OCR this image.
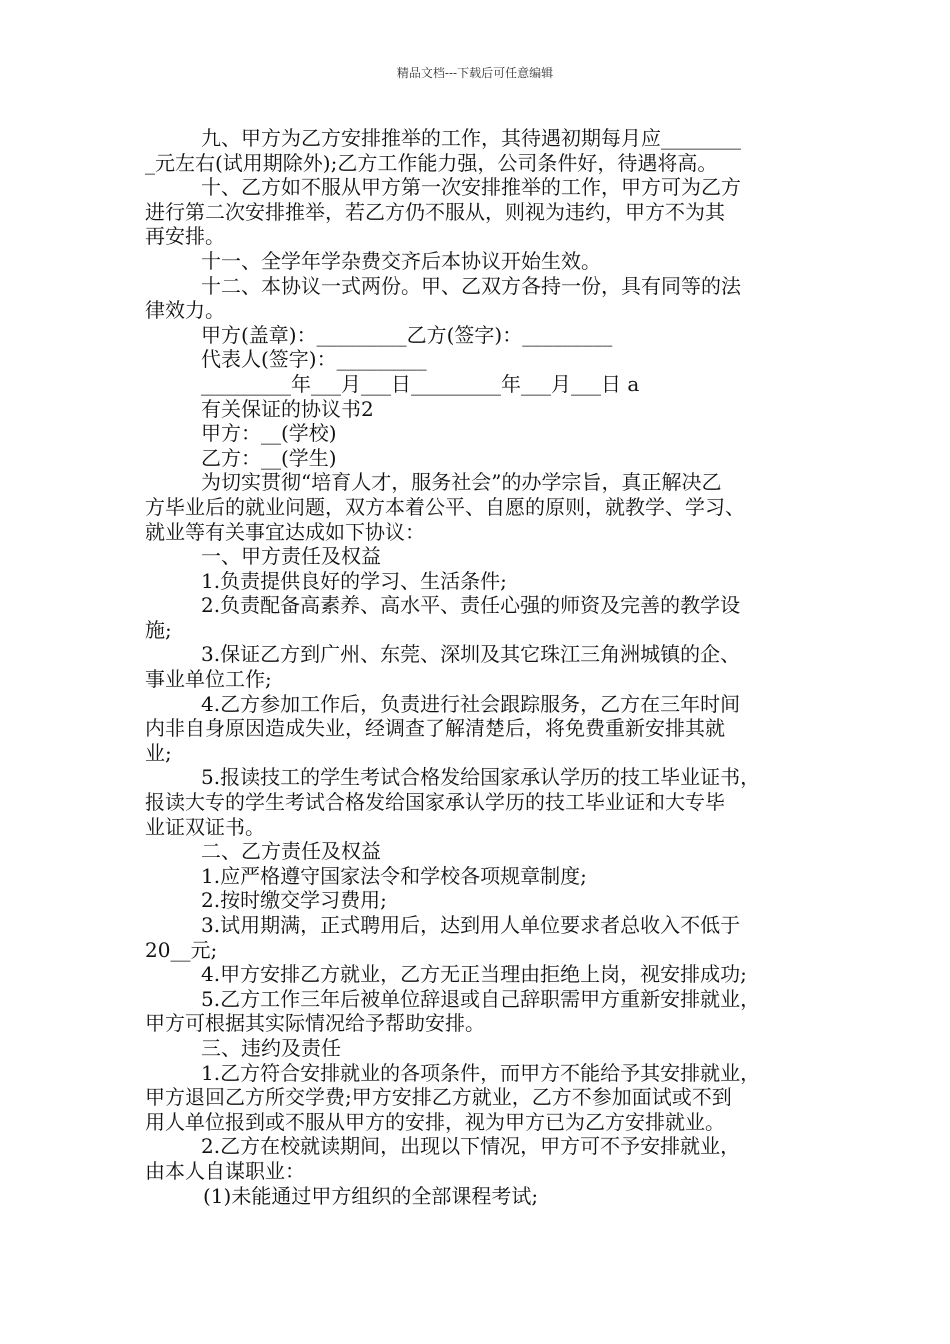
精品文档---下载后可任意编辑
九、甲方为乙方安排推举的工作，其待遇初期每月应________
_元左右(试用期除外);乙方工作能力强，公司条件好，待遇将高。
十、乙方如不服从甲方第一次安排推举的工作，甲方可为乙方
进行第二次安排推举，若乙方仍不服从，则视为违约，甲方不为其
再安排。
十一、全学年学杂费交齐后本协议开始生效。
十二、本协议一式两份。甲、乙双方各持一份，具有同等的法
律效力。
甲方(盖章)：_________乙方(签字)：_________
代表人(签字)：_________
_________年___月___日_________年___月___日 a
有关保证的协议书2
甲方：__(学校)
乙方：__(学生)
为切实贯彻“培育人才，服务社会”的办学宗旨，真正解决乙
方毕业后的就业问题，双方本着公平、自愿的原则，就教学、学习、
就业等有关事宜达成如下协议：
一、甲方责任及权益
1.负责提供良好的学习、生活条件;
2.负责配备高素养、高水平、责任心强的师资及完善的教学设
施;
3.保证乙方到广州、东莞、深圳及其它珠江三角洲城镇的企、
事业单位工作;
4.乙方参加工作后，负责进行社会跟踪服务，乙方在三年时间
内非自身原因造成失业，经调查了解清楚后，将免费重新安排其就
业;
5.报读技工的学生考试合格发给国家承认学历的技工毕业证书，
报读大专的学生考试合格发给国家承认学历的技工毕业证和大专毕
业证双证书。
二、乙方责任及权益
1.应严格遵守国家法令和学校各项规章制度;
2.按时缴交学习费用;
3.试用期满，正式聘用后，达到用人单位要求者总收入不低于
20__元;
4.甲方安排乙方就业，乙方无正当理由拒绝上岗，视安排成功;
5.乙方工作三年后被单位辞退或自己辞职需甲方重新安排就业，
甲方可根据其实际情况给予帮助安排。
三、违约及责任
1.乙方符合安排就业的各项条件，而甲方不能给予其安排就业，
甲方退回乙方所交学费;甲方安排乙方就业，乙方不参加面试或不到
用人单位报到或不服从甲方的安排，视为甲方已为乙方安排就业。
2.乙方在校就读期间，出现以下情况，甲方可不予安排就业，
由本人自谋职业：
(1)未能通过甲方组织的全部课程考试;
